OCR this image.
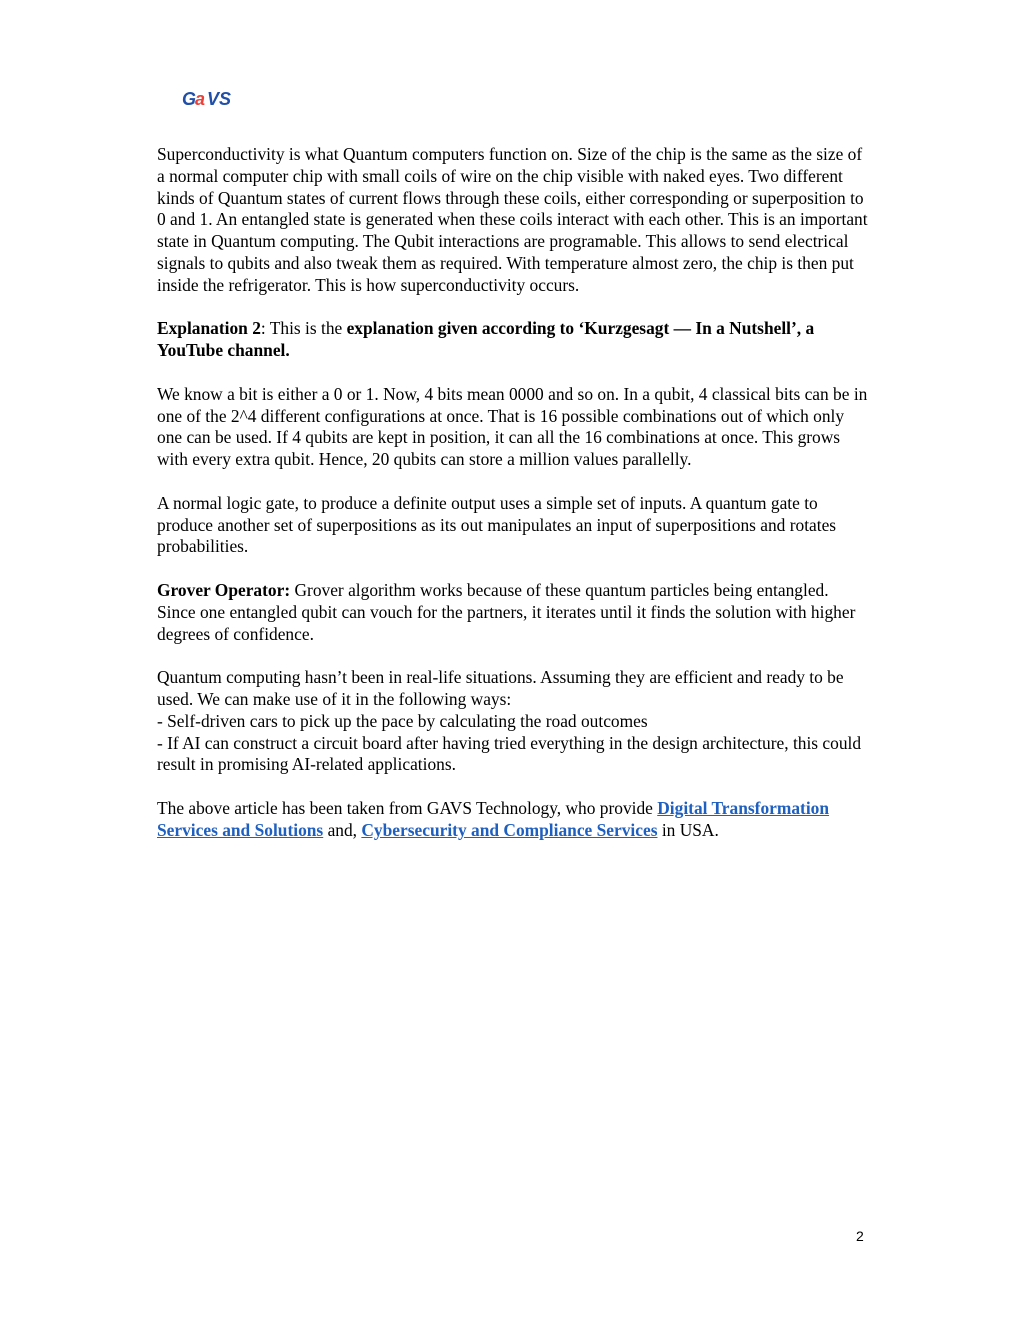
G
a VS

Superconductivity is what Quantum computers function on. Size of the chip is the same as the size of a normal computer chip with small coils of wire on the chip visible with naked eyes. Two different kinds of Quantum states of current flows through these coils, either corresponding or superposition to 0 and 1. An entangled state is generated when these coils interact with each other. This is an important state in Quantum computing. The Qubit interactions are programable. This allows to send electrical signals to qubits and also tweak them as required. With temperature almost zero, the chip is then put inside the refrigerator. This is how superconductivity occurs.

Explanation 2: This is the explanation given according to ‘Kurzgesagt — In a Nutshell’, a YouTube channel.

We know a bit is either a 0 or 1. Now, 4 bits mean 0000 and so on. In a qubit, 4 classical bits can be in one of the 2^4 different configurations at once. That is 16 possible combinations out of which only one can be used. If 4 qubits are kept in position, it can all the 16 combinations at once. This grows with every extra qubit. Hence, 20 qubits can store a million values parallelly.

A normal logic gate, to produce a definite output uses a simple set of inputs. A quantum gate to produce another set of superpositions as its out manipulates an input of superpositions and rotates probabilities.

Grover Operator: Grover algorithm works because of these quantum particles being entangled. Since one entangled qubit can vouch for the partners, it iterates until it finds the solution with higher degrees of confidence.

Quantum computing hasn’t been in real-life situations. Assuming they are efficient and ready to be used. We can make use of it in the following ways:
- Self-driven cars to pick up the pace by calculating the road outcomes
- If AI can construct a circuit board after having tried everything in the design architecture, this could result in promising AI-related applications.

The above article has been taken from GAVS Technology, who provide Digital Transformation Services and Solutions and, Cybersecurity and Compliance Services in USA.

2
